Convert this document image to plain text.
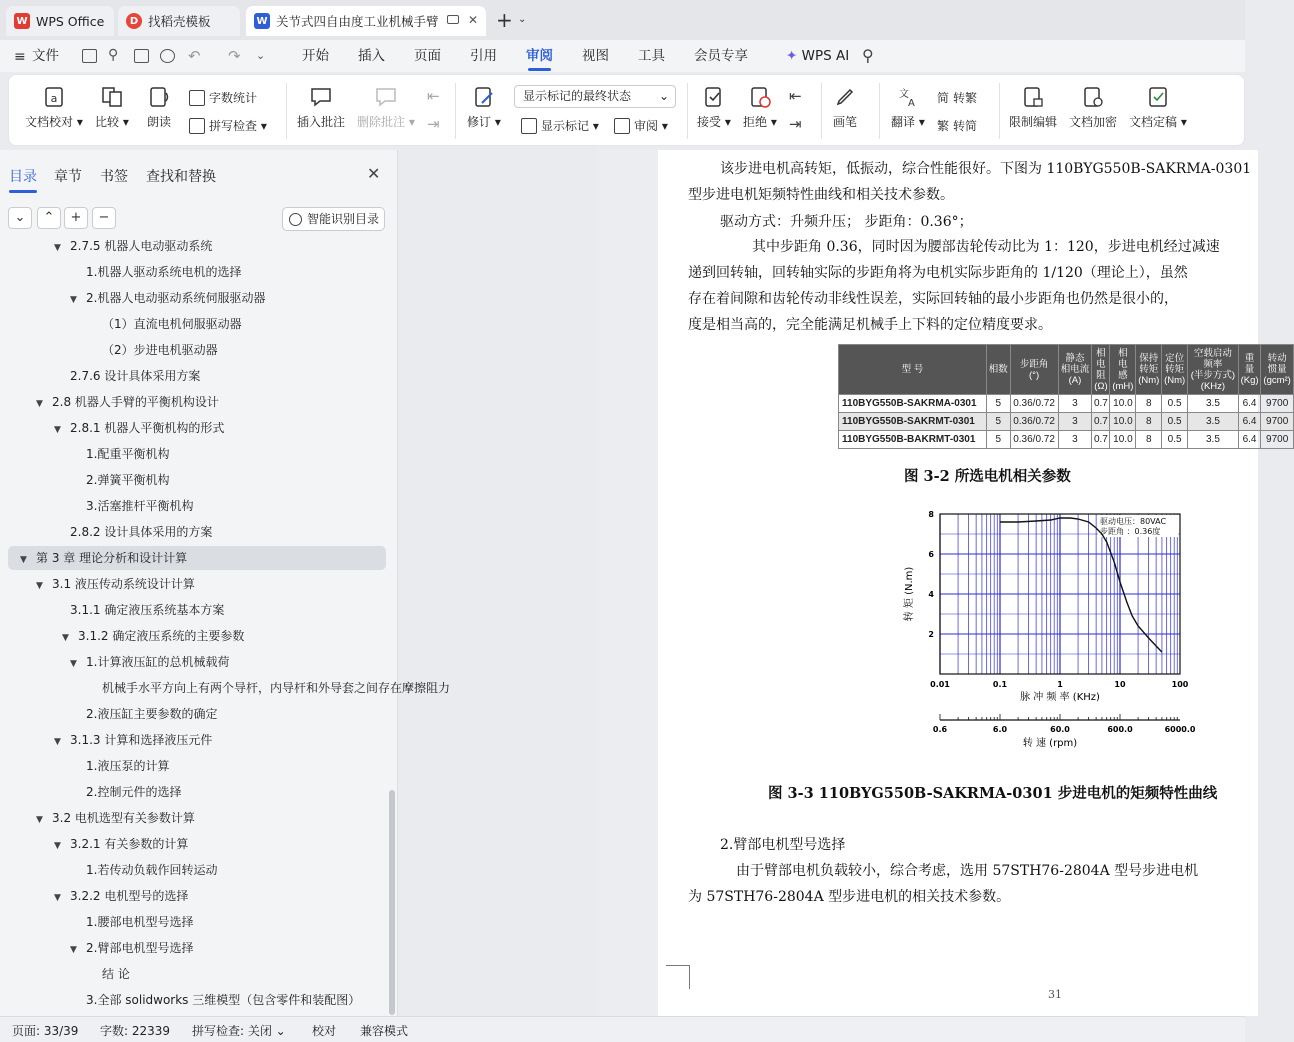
W WPS Office	D 找稻壳模板	W 关节式四自由度工业机械手臂 ✕ + ⌄
≡ 文件	⚲	↶ ↷ ⌄	开始 插入 页面 引用 审阅 视图 工具 会员专享	✦ WPS AI ⚲
a
文档校对 ▾ 比较 ▾ 朗读
字数统计
拼写检查 ▾	插入批注 删除批注 ▾
⇤
⇥ 修订 ▾
显示标记的最终状态 ⌄
显示标记 ▾	审阅 ▾ 接受 ▾ 拒绝 ▾
⇤
⇥	画笔
文
A
翻译 ▾
简 转繁
繁 转简	限制编辑 文档加密 文档定稿 ▾
目录 章节 书签 查找和替换	✕
⌄	⌃	+	−	智能识别目录
▼ 2.7.5 机器人电动驱动系统
1.机器人驱动系统电机的选择
▼ 2.机器人电动驱动系统伺服驱动器
（1）直流电机伺服驱动器
（2）步进电机驱动器
2.7.6 设计具体采用方案
▼ 2.8 机器人手臂的平衡机构设计
▼ 2.8.1 机器人平衡机构的形式
1.配重平衡机构
2.弹簧平衡机构
3.活塞推杆平衡机构
2.8.2 设计具体采用的方案
▼ 第 3 章 理论分析和设计计算
▼ 3.1 液压传动系统设计计算
3.1.1 确定液压系统基本方案
▼ 3.1.2 确定液压系统的主要参数
▼ 1.计算液压缸的总机械载荷
机械手水平方向上有两个导杆，内导杆和外导套之间存在摩擦阻力
2.液压缸主要参数的确定
▼ 3.1.3 计算和选择液压元件
1.液压泵的计算
2.控制元件的选择
▼ 3.2 电机选型有关参数计算
▼ 3.2.1 有关参数的计算
1.若传动负载作回转运动
▼ 3.2.2 电机型号的选择
1.腰部电机型号选择
▼ 2.臂部电机型号选择
结 论
3.全部 solidworks 三维模型（包含零件和装配图）
该步进电机高转矩，低振动，综合性能很好。下图为 110BYG550B-SAKRMA-0301
型步进电机矩频特性曲线和相关技术参数。
驱动方式：升频升压； 步距角：0.36°；
其中步距角 0.36，同时因为腰部齿轮传动比为 1：120，步进电机经过减速
递到回转轴，回转轴实际的步距角将为电机实际步距角的 1/120（理论上），虽然
存在着间隙和齿轮传动非线性误差，实际回转轴的最小步距角也仍然是很小的，
度是相当高的，完全能满足机械手上下料的定位精度要求。
型 号	相数	步距角
(°)	静态
相电流
(A)	相
电
阻
(Ω)	相
电
感
(mH)	保持
转矩
(Nm)	定位
转矩
(Nm)	空载启动
频率
(半步方式)
(KHz)	重
量
(Kg)	转动
惯量
(gcm²)
110BYG550B-SAKRMA-0301	5	0.36/0.72	3	0.7	10.0	8	0.5	3.5	6.4	9700
110BYG550B-SAKRMT-0301	5	0.36/0.72	3	0.7	10.0	8	0.5	3.5	6.4	9700
110BYG550B-BAKRMT-0301	5	0.36/0.72	3	0.7	10.0	8	0.5	3.5	6.4	9700
图 3-2 所选电机相关参数
驱动电压：80VAC
步距角 ：0.36度
2
4
6
8
0.01	0.1	1	10	100
转 矩 (N.m)
脉 冲 频 率 (KHz)
0.6	6.0	60.0	600.0	6000.0
转 速 (rpm)
图 3-3 110BYG550B-SAKRMA-0301 步进电机的矩频特性曲线
2.臂部电机型号选择
由于臂部电机负载较小，综合考虑，选用 57STH76-2804A 型号步进电机
为 57STH76-2804A 型步进电机的相关技术参数。
31
页面: 33/39 字数: 22339 拼写检查: 关闭 ⌄ 校对 兼容模式
